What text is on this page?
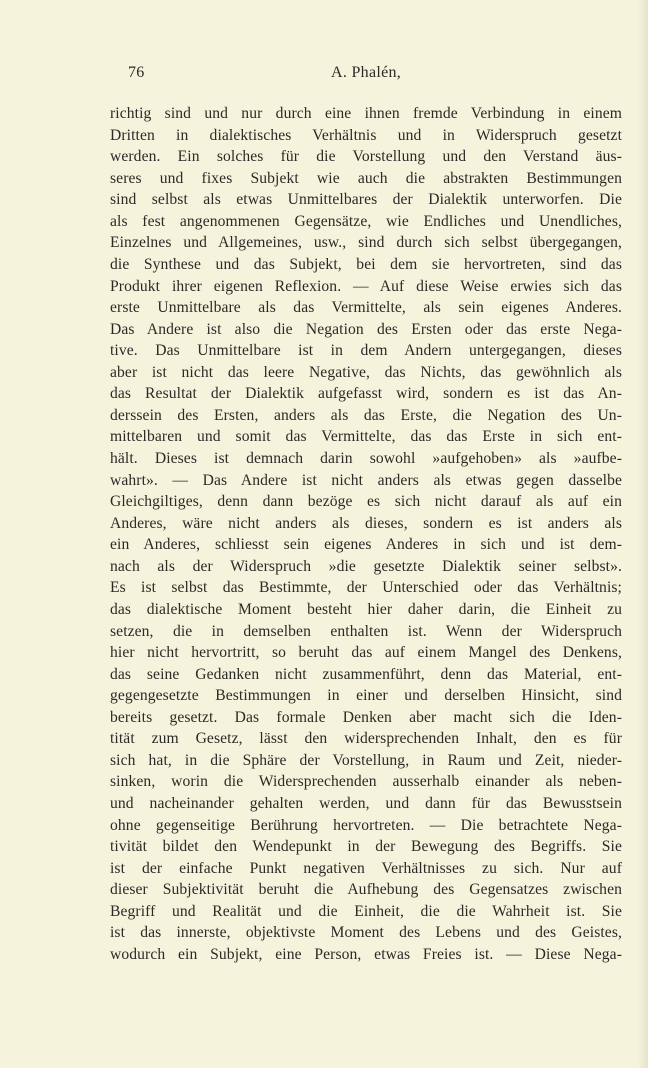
76	A. Phalén,
richtig sind und nur durch eine ihnen fremde Verbindung in einem
Dritten in dialektisches Verhältnis und in Widerspruch gesetzt
werden. Ein solches für die Vorstellung und den Verstand äus-
seres und fixes Subjekt wie auch die abstrakten Bestimmungen
sind selbst als etwas Unmittelbares der Dialektik unterworfen. Die
als fest angenommenen Gegensätze, wie Endliches und Unendliches,
Einzelnes und Allgemeines, usw., sind durch sich selbst übergegangen,
die Synthese und das Subjekt, bei dem sie hervortreten, sind das
Produkt ihrer eigenen Reflexion. — Auf diese Weise erwies sich das
erste Unmittelbare als das Vermittelte, als sein eigenes Anderes.
Das Andere ist also die Negation des Ersten oder das erste Nega-
tive. Das Unmittelbare ist in dem Andern untergegangen, dieses
aber ist nicht das leere Negative, das Nichts, das gewöhnlich als
das Resultat der Dialektik aufgefasst wird, sondern es ist das An-
derssein des Ersten, anders als das Erste, die Negation des Un-
mittelbaren und somit das Vermittelte, das das Erste in sich ent-
hält. Dieses ist demnach darin sowohl »aufgehoben» als »aufbe-
wahrt». — Das Andere ist nicht anders als etwas gegen dasselbe
Gleichgiltiges, denn dann bezöge es sich nicht darauf als auf ein
Anderes, wäre nicht anders als dieses, sondern es ist anders als
ein Anderes, schliesst sein eigenes Anderes in sich und ist dem-
nach als der Widerspruch »die gesetzte Dialektik seiner selbst».
Es ist selbst das Bestimmte, der Unterschied oder das Verhältnis;
das dialektische Moment besteht hier daher darin, die Einheit zu
setzen, die in demselben enthalten ist. Wenn der Widerspruch
hier nicht hervortritt, so beruht das auf einem Mangel des Denkens,
das seine Gedanken nicht zusammenführt, denn das Material, ent-
gegengesetzte Bestimmungen in einer und derselben Hinsicht, sind
bereits gesetzt. Das formale Denken aber macht sich die Iden-
tität zum Gesetz, lässt den widersprechenden Inhalt, den es für
sich hat, in die Sphäre der Vorstellung, in Raum und Zeit, nieder-
sinken, worin die Widersprechenden ausserhalb einander als neben-
und nacheinander gehalten werden, und dann für das Bewusstsein
ohne gegenseitige Berührung hervortreten. — Die betrachtete Nega-
tivität bildet den Wendepunkt in der Bewegung des Begriffs. Sie
ist der einfache Punkt negativen Verhältnisses zu sich. Nur auf
dieser Subjektivität beruht die Aufhebung des Gegensatzes zwischen
Begriff und Realität und die Einheit, die die Wahrheit ist. Sie
ist das innerste, objektivste Moment des Lebens und des Geistes,
wodurch ein Subjekt, eine Person, etwas Freies ist. — Diese Nega-
